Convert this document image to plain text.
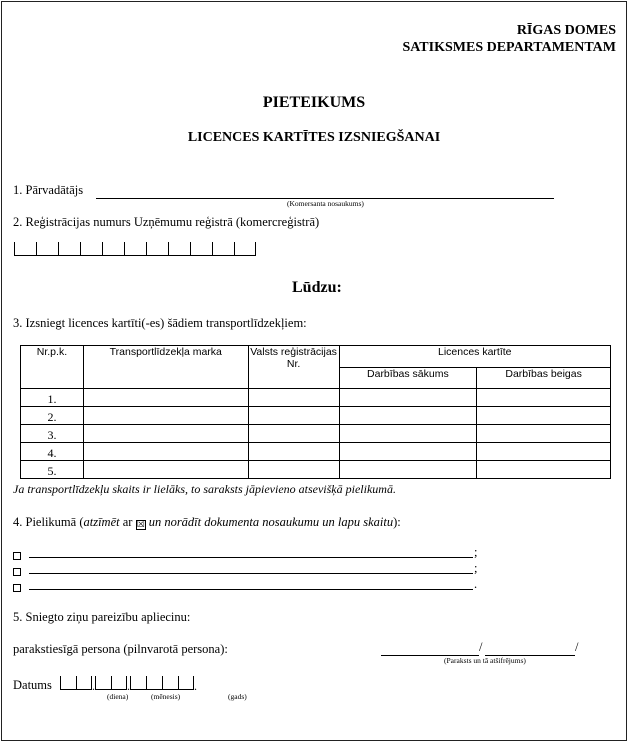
RĪGAS DOMES
SATIKSMES DEPARTAMENTAM
PIETEIKUMS
LICENCES KARTĪTES IZSNIEGŠANAI
1. Pārvadātājs
(Komersanta nosaukums)
2. Reģistrācijas numurs Uzņēmumu reģistrā (komercreģistrā)
Lūdzu:
3. Izsniegt licences kartīti(-es) šādiem transportlīdzekļiem:
Nr.p.k.	Transportlīdzekļa marka	Valsts reģistrācijas Nr.	Licences kartīte	
			Darbības sākums	Darbības beigas
1.				
2.				
3.				
4.				
5.				
Ja transportlīdzekļu skaits ir lielāks, to saraksts jāpievieno atsevišķā pielikumā.
4. Pielikumā (atzīmēt ar ☒ un norādīt dokumenta nosaukumu un lapu skaitu):
;
;
.
5. Sniegto ziņu pareizību apliecinu:
parakstiesīgā persona (pilnvarotā persona):	/	/
(Paraksts un tā atšifrējums)
Datums	.	.	.
(diena)	(mēnesis)	(gads)
